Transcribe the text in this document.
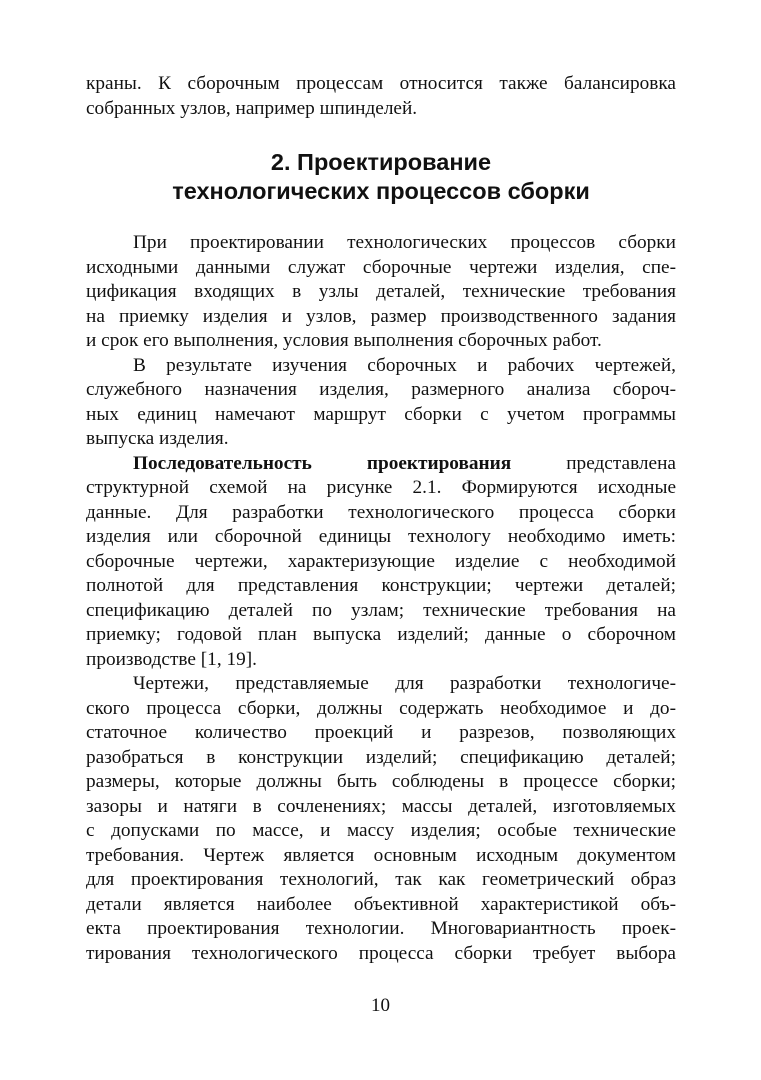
краны. К сборочным процессам относится также балансировка
собранных узлов, например шпинделей.
2. Проектирование
технологических процессов сборки
При проектировании технологических процессов сборки
исходными данными служат сборочные чертежи изделия, спе-
цификация входящих в узлы деталей, технические требования
на приемку изделия и узлов, размер производственного задания
и срок его выполнения, условия выполнения сборочных работ.
В результате изучения сборочных и рабочих чертежей,
служебного назначения изделия, размерного анализа сбороч-
ных единиц намечают маршрут сборки с учетом программы
выпуска изделия.
Последовательность проектирования	представлена
структурной схемой на рисунке 2.1. Формируются исходные
данные. Для разработки технологического процесса сборки
изделия или сборочной единицы технологу необходимо иметь:
сборочные чертежи, характеризующие изделие с необходимой
полнотой для представления конструкции; чертежи деталей;
спецификацию деталей по узлам; технические требования на
приемку; годовой план выпуска изделий; данные о сборочном
производстве [1, 19].
Чертежи, представляемые для разработки технологиче-
ского процесса сборки, должны содержать необходимое и до-
статочное количество проекций и разрезов, позволяющих
разобраться в конструкции изделий; спецификацию деталей;
размеры, которые должны быть соблюдены в процессе сборки;
зазоры и натяги в сочленениях; массы деталей, изготовляемых
с допусками по массе, и массу изделия; особые технические
требования. Чертеж является основным исходным документом
для проектирования технологий, так как геометрический образ
детали является наиболее объективной характеристикой объ-
екта проектирования технологии. Многовариантность проек-
тирования технологического процесса сборки требует выбора
10
